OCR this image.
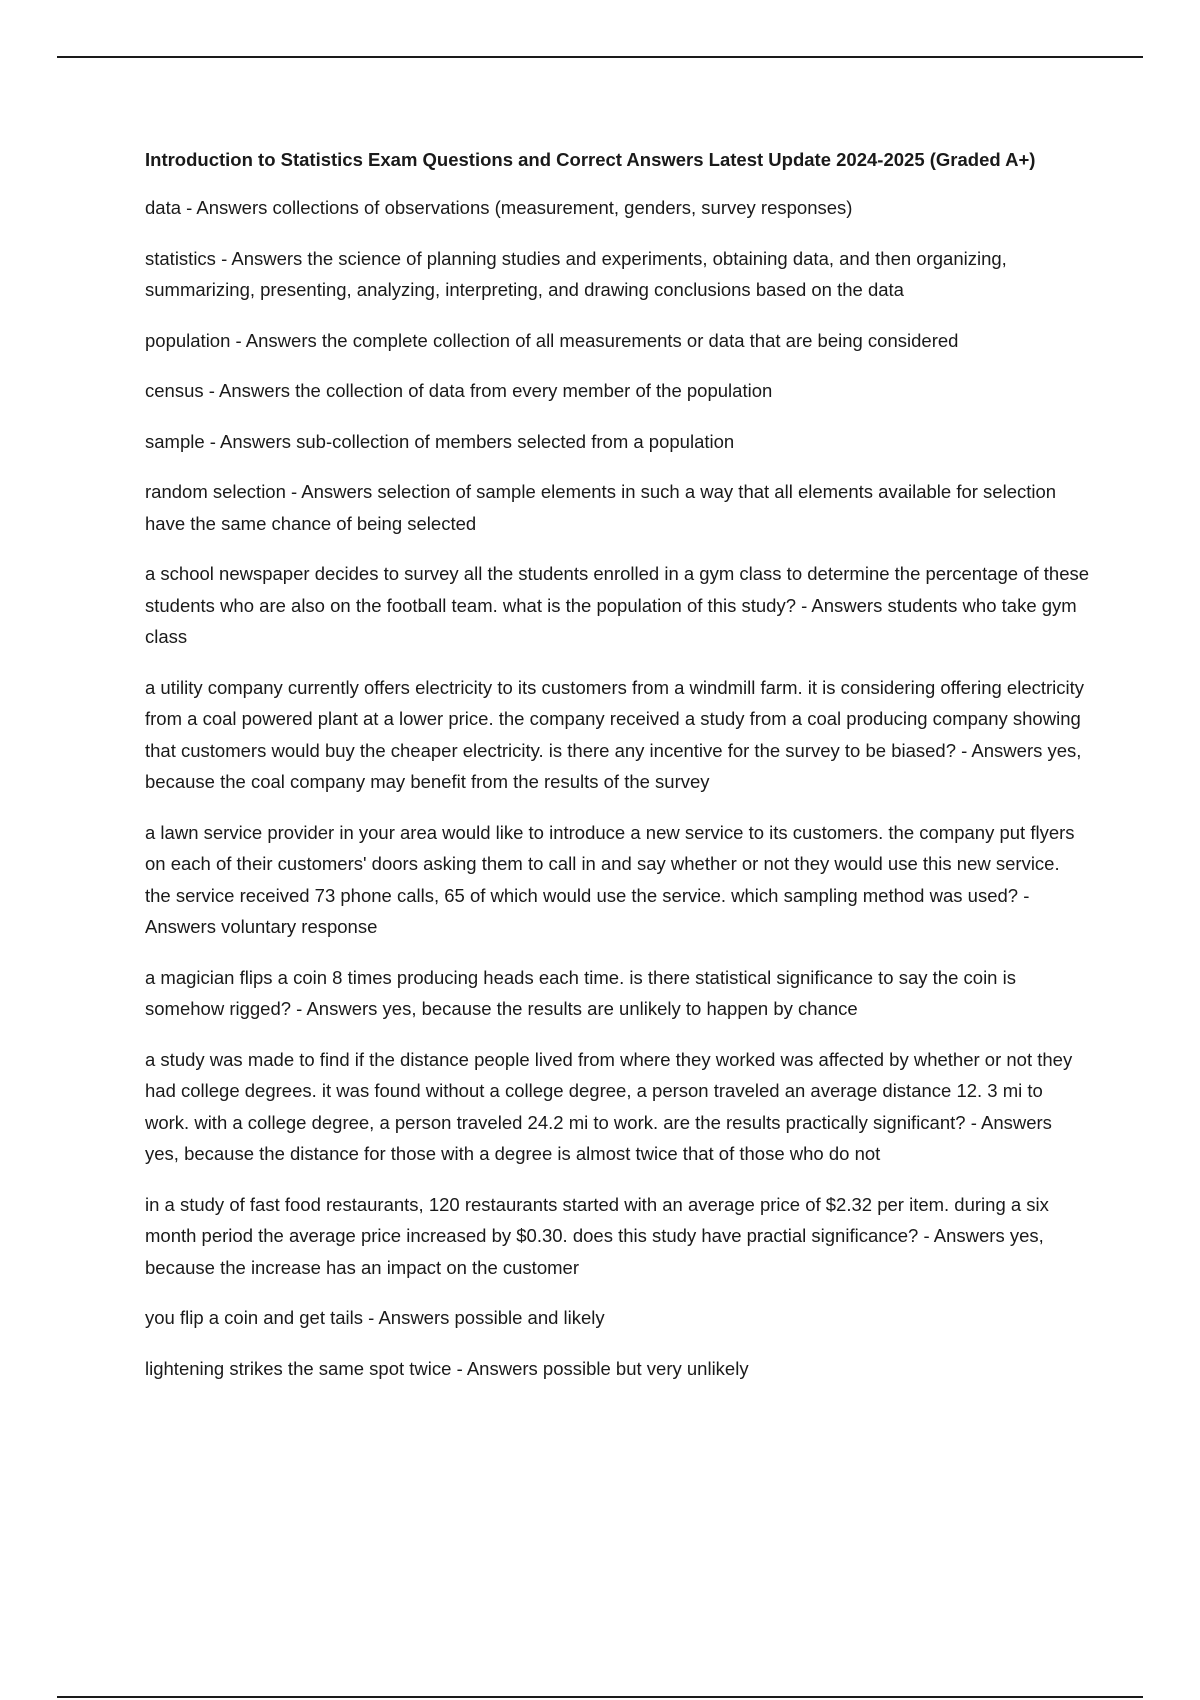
Introduction to Statistics Exam Questions and Correct Answers Latest Update 2024-2025 (Graded A+)

data - Answers collections of observations (measurement, genders, survey responses)

statistics - Answers the science of planning studies and experiments, obtaining data, and then organizing, summarizing, presenting, analyzing, interpreting, and drawing conclusions based on the data

population - Answers the complete collection of all measurements or data that are being considered

census - Answers the collection of data from every member of the population

sample - Answers sub-collection of members selected from a population

random selection - Answers selection of sample elements in such a way that all elements available for selection have the same chance of being selected

a school newspaper decides to survey all the students enrolled in a gym class to determine the percentage of these students who are also on the football team. what is the population of this study? - Answers students who take gym class

a utility company currently offers electricity to its customers from a windmill farm. it is considering offering electricity from a coal powered plant at a lower price. the company received a study from a coal producing company showing that customers would buy the cheaper electricity. is there any incentive for the survey to be biased? - Answers yes, because the coal company may benefit from the results of the survey

a lawn service provider in your area would like to introduce a new service to its customers. the company put flyers on each of their customers' doors asking them to call in and say whether or not they would use this new service. the service received 73 phone calls, 65 of which would use the service. which sampling method was used? - Answers voluntary response

a magician flips a coin 8 times producing heads each time. is there statistical significance to say the coin is somehow rigged? - Answers yes, because the results are unlikely to happen by chance

a study was made to find if the distance people lived from where they worked was affected by whether or not they had college degrees. it was found without a college degree, a person traveled an average distance 12. 3 mi to work. with a college degree, a person traveled 24.2 mi to work. are the results practically significant? - Answers yes, because the distance for those with a degree is almost twice that of those who do not

in a study of fast food restaurants, 120 restaurants started with an average price of $2.32 per item. during a six month period the average price increased by $0.30. does this study have practial significance? - Answers yes, because the increase has an impact on the customer

you flip a coin and get tails - Answers possible and likely

lightening strikes the same spot twice - Answers possible but very unlikely
